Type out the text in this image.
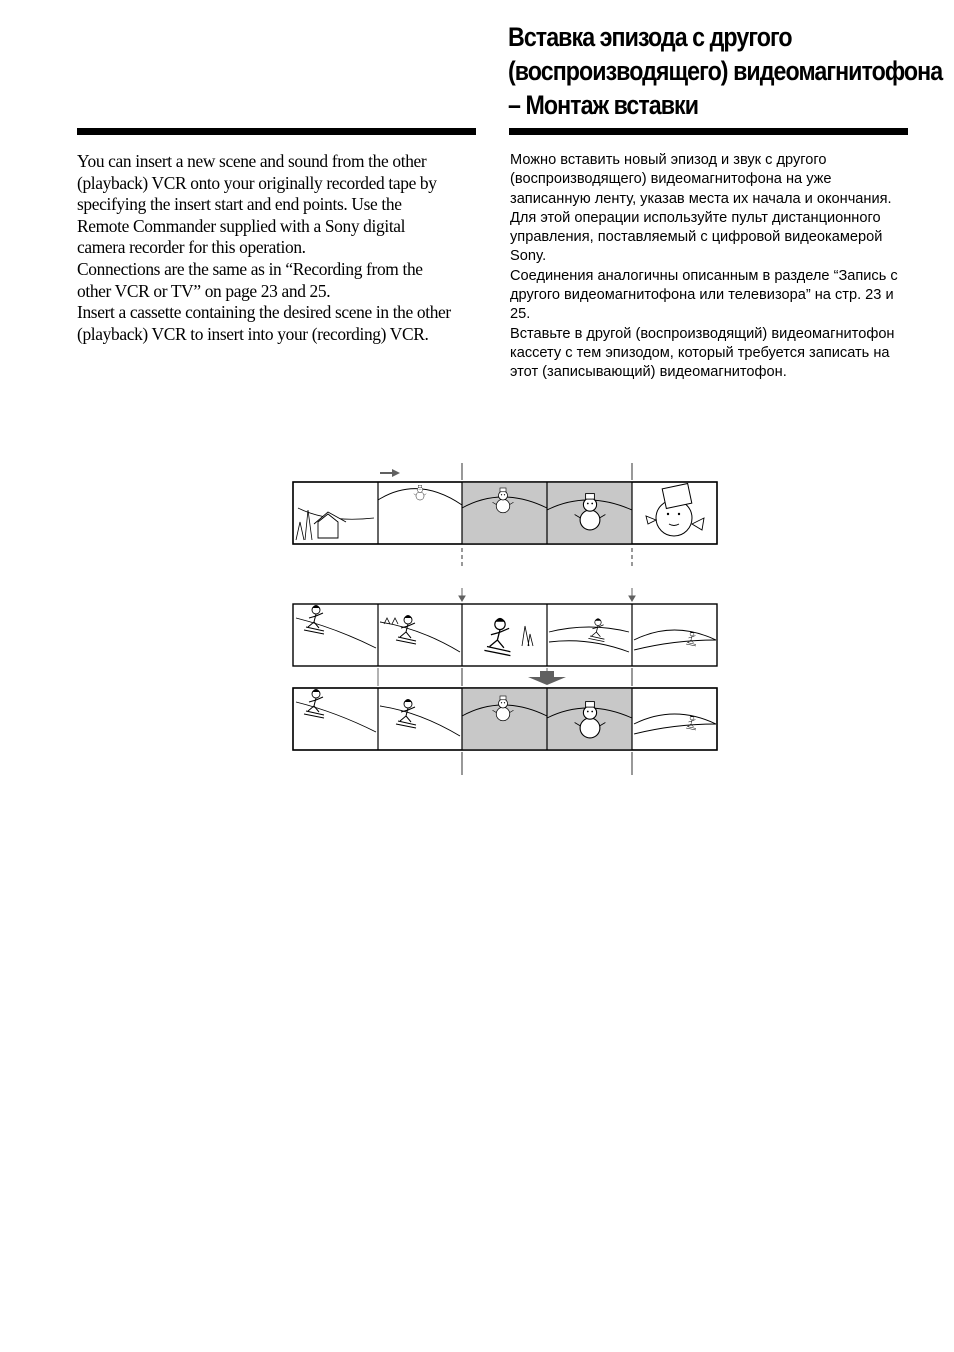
Вставка эпизода с другого
(воспроизводящего) видеомагнитофона
– Монтаж вставки

You can insert a new scene and sound from the other (playback) VCR onto your originally recorded tape by specifying the insert start and end points. Use the Remote Commander supplied with a Sony digital camera recorder for this operation.

Connections are the same as in “Recording from the other VCR or TV” on page 23 and 25.

Insert a cassette containing the desired scene in the other (playback) VCR to insert into your (recording) VCR.

Можно вставить новый эпизод и звук с другого (воспроизводящего) видеомагнитофона на уже записанную ленту, указав места их начала и окончания. Для этой операции используйте пульт дистанционного управления, поставляемый с цифровой видеокамерой Sony.

Соединения аналогичны описанным в разделе “Запись с другого видеомагнитофона или телевизора” на стр. 23 и 25.

Вставьте в другой (воспроизводящий) видеомагнитофон кассету с тем эпизодом, который требуется записать на этот (записывающий) видеомагнитофон.
